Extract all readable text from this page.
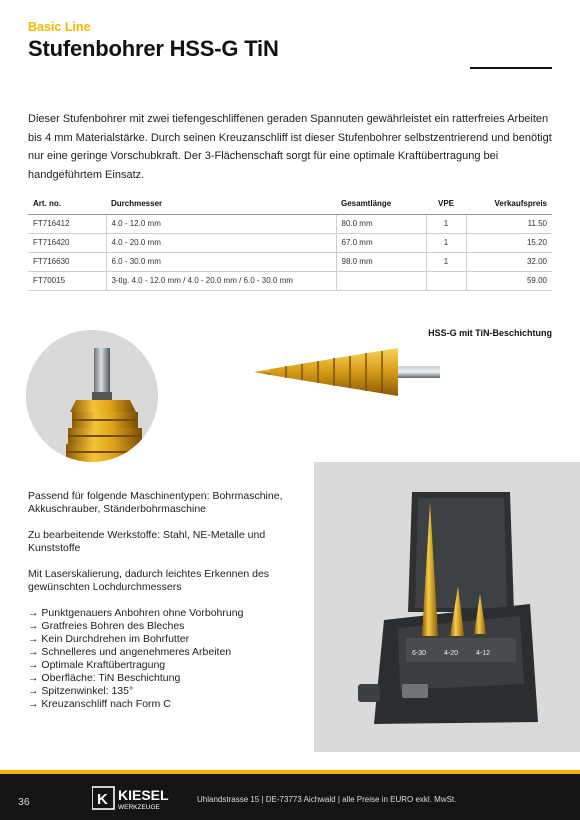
Basic Line
Stufenbohrer HSS-G TiN

Dieser Stufenbohrer mit zwei tiefengeschliffenen geraden Spannuten gewährleistet ein ratterfreies Arbeiten bis 4 mm Materialstärke. Durch seinen Kreuzanschliff ist dieser Stufenbohrer selbstzentrierend und benötigt nur eine geringe Vorschubkraft. Der 3-Flächenschaft sorgt für eine optimale Kraftübertragung bei handgeführtem Einsatz.

Art. no.	Durchmesser	Gesamtlänge	VPE	Verkaufspreis
FT716412	4.0 - 12.0 mm	80.0 mm	1	11.50
FT716420	4.0 - 20.0 mm	67.0 mm	1	15.20
FT716630	6.0 - 30.0 mm	98.0 mm	1	32.00
FT70015	3-tlg. 4.0 - 12.0 mm / 4.0 - 20.0 mm / 6.0 - 30.0 mm			59.00
HSS-G mit TiN-Beschichtung

Passend für folgende Maschinentypen: Bohrmaschine, Akkuschrauber, Ständerbohrmaschine

Zu bearbeitende Werkstoffe: Stahl, NE-Metalle und Kunststoffe

Mit Laserskalierung, dadurch leichtes Erkennen des gewünschten Lochdurchmessers

→ Punktgenauers Anbohren ohne Vorbohrung
→ Gratfreies Bohren des Bleches
→ Kein Durchdrehen im Bohrfutter
→ Schnelleres und angenehmeres Arbeiten
→ Optimale Kraftübertragung
→ Oberfläche: TiN Beschichtung
→ Spitzenwinkel: 135°
→ Kreuzanschliff nach Form C
6-30	4-20	4-12
36	K KIESEL
WERKZEUGE
Uhlandstrasse 15 | DE-73773 Aichwald | alle Preise in EURO exkl. MwSt.
